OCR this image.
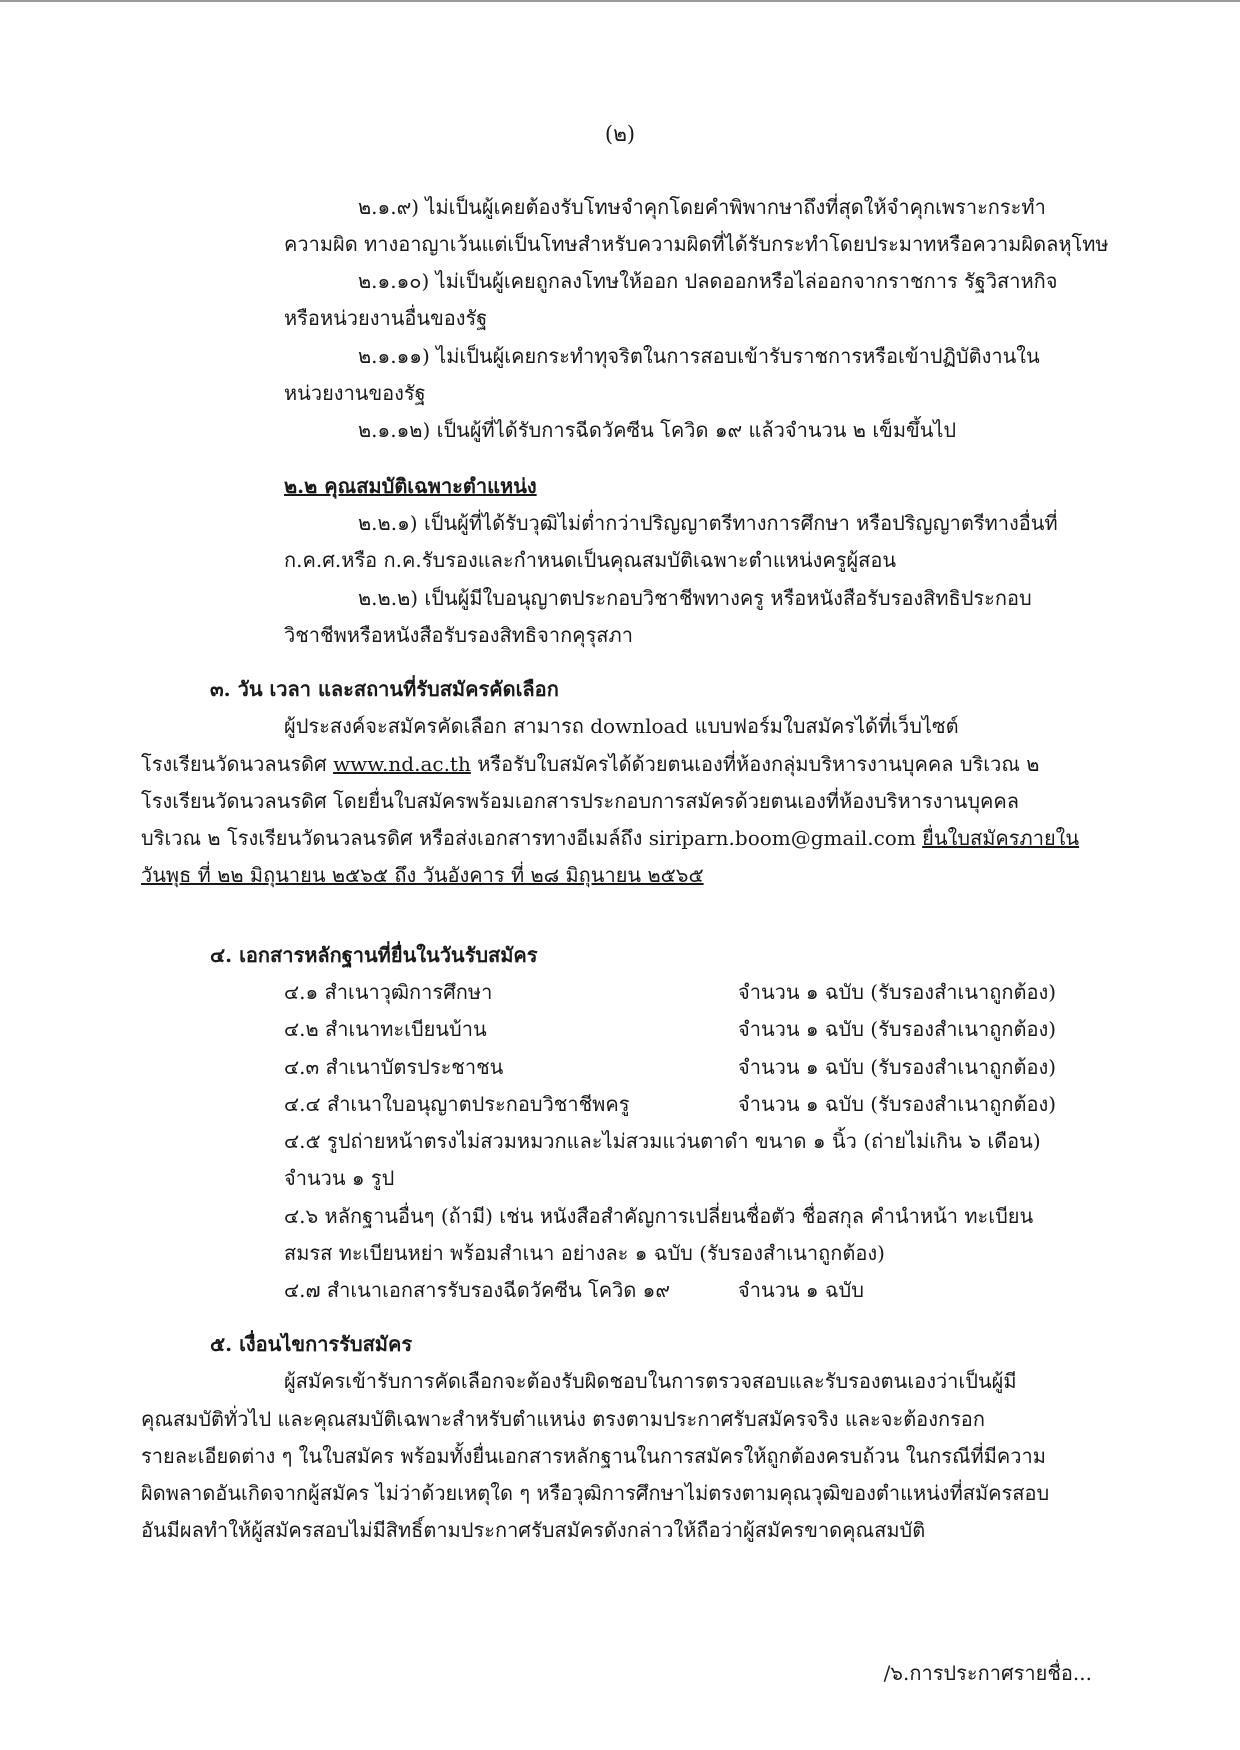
(๒)
๒.๑.๙) ไม่เป็นผู้เคยต้องรับโทษจำคุกโดยคำพิพากษาถึงที่สุดให้จำคุกเพราะกระทำ
ความผิด ทางอาญาเว้นแต่เป็นโทษสำหรับความผิดที่ได้รับกระทำโดยประมาทหรือความผิดลหุโทษ
๒.๑.๑๐) ไม่เป็นผู้เคยถูกลงโทษให้ออก ปลดออกหรือไล่ออกจากราชการ รัฐวิสาหกิจ
หรือหน่วยงานอื่นของรัฐ
๒.๑.๑๑) ไม่เป็นผู้เคยกระทำทุจริตในการสอบเข้ารับราชการหรือเข้าปฏิบัติงานใน
หน่วยงานของรัฐ
๒.๑.๑๒) เป็นผู้ที่ได้รับการฉีดวัคซีน โควิด ๑๙ แล้วจำนวน ๒ เข็มขึ้นไป
๒.๒ คุณสมบัติเฉพาะตำแหน่ง
๒.๒.๑) เป็นผู้ที่ได้รับวุฒิไม่ต่ำกว่าปริญญาตรีทางการศึกษา หรือปริญญาตรีทางอื่นที่
ก.ค.ศ.หรือ ก.ค.รับรองและกำหนดเป็นคุณสมบัติเฉพาะตำแหน่งครูผู้สอน
๒.๒.๒) เป็นผู้มีใบอนุญาตประกอบวิชาชีพทางครู หรือหนังสือรับรองสิทธิประกอบ
วิชาชีพหรือหนังสือรับรองสิทธิจากคุรุสภา
๓. วัน เวลา และสถานที่รับสมัครคัดเลือก
ผู้ประสงค์จะสมัครคัดเลือก สามารถ download แบบฟอร์มใบสมัครได้ที่เว็บไซต์
โรงเรียนวัดนวลนรดิศ www.nd.ac.th หรือรับใบสมัครได้ด้วยตนเองที่ห้องกลุ่มบริหารงานบุคคล บริเวณ ๒
โรงเรียนวัดนวลนรดิศ โดยยื่นใบสมัครพร้อมเอกสารประกอบการสมัครด้วยตนเองที่ห้องบริหารงานบุคคล
บริเวณ ๒ โรงเรียนวัดนวลนรดิศ หรือส่งเอกสารทางอีเมล์ถึง siriparn.boom@gmail.com ยื่นใบสมัครภายใน
วันพุธ ที่ ๒๒ มิถุนายน ๒๕๖๕ ถึง วันอังคาร ที่ ๒๘ มิถุนายน ๒๕๖๕
๔. เอกสารหลักฐานที่ยื่นในวันรับสมัคร
๔.๑ สำเนาวุฒิการศึกษา	จำนวน ๑ ฉบับ (รับรองสำเนาถูกต้อง)
๔.๒ สำเนาทะเบียนบ้าน	จำนวน ๑ ฉบับ (รับรองสำเนาถูกต้อง)
๔.๓ สำเนาบัตรประชาชน	จำนวน ๑ ฉบับ (รับรองสำเนาถูกต้อง)
๔.๔ สำเนาใบอนุญาตประกอบวิชาชีพครู	จำนวน ๑ ฉบับ (รับรองสำเนาถูกต้อง)
๔.๕ รูปถ่ายหน้าตรงไม่สวมหมวกและไม่สวมแว่นตาดำ ขนาด ๑ นิ้ว (ถ่ายไม่เกิน ๖ เดือน)
จำนวน ๑ รูป
๔.๖ หลักฐานอื่นๆ (ถ้ามี) เช่น หนังสือสำคัญการเปลี่ยนชื่อตัว ชื่อสกุล คำนำหน้า ทะเบียน
สมรส ทะเบียนหย่า พร้อมสำเนา อย่างละ ๑ ฉบับ (รับรองสำเนาถูกต้อง)
๔.๗ สำเนาเอกสารรับรองฉีดวัคซีน โควิด ๑๙	จำนวน ๑ ฉบับ
๕. เงื่อนไขการรับสมัคร
ผู้สมัครเข้ารับการคัดเลือกจะต้องรับผิดชอบในการตรวจสอบและรับรองตนเองว่าเป็นผู้มี
คุณสมบัติทั่วไป และคุณสมบัติเฉพาะสำหรับตำแหน่ง ตรงตามประกาศรับสมัครจริง และจะต้องกรอก
รายละเอียดต่าง ๆ ในใบสมัคร พร้อมทั้งยื่นเอกสารหลักฐานในการสมัครให้ถูกต้องครบถ้วน ในกรณีที่มีความ
ผิดพลาดอันเกิดจากผู้สมัคร ไม่ว่าด้วยเหตุใด ๆ หรือวุฒิการศึกษาไม่ตรงตามคุณวุฒิของตำแหน่งที่สมัครสอบ
อันมีผลทำให้ผู้สมัครสอบไม่มีสิทธิ์ตามประกาศรับสมัครดังกล่าวให้ถือว่าผู้สมัครขาดคุณสมบัติ
/๖.การประกาศรายชื่อ...
